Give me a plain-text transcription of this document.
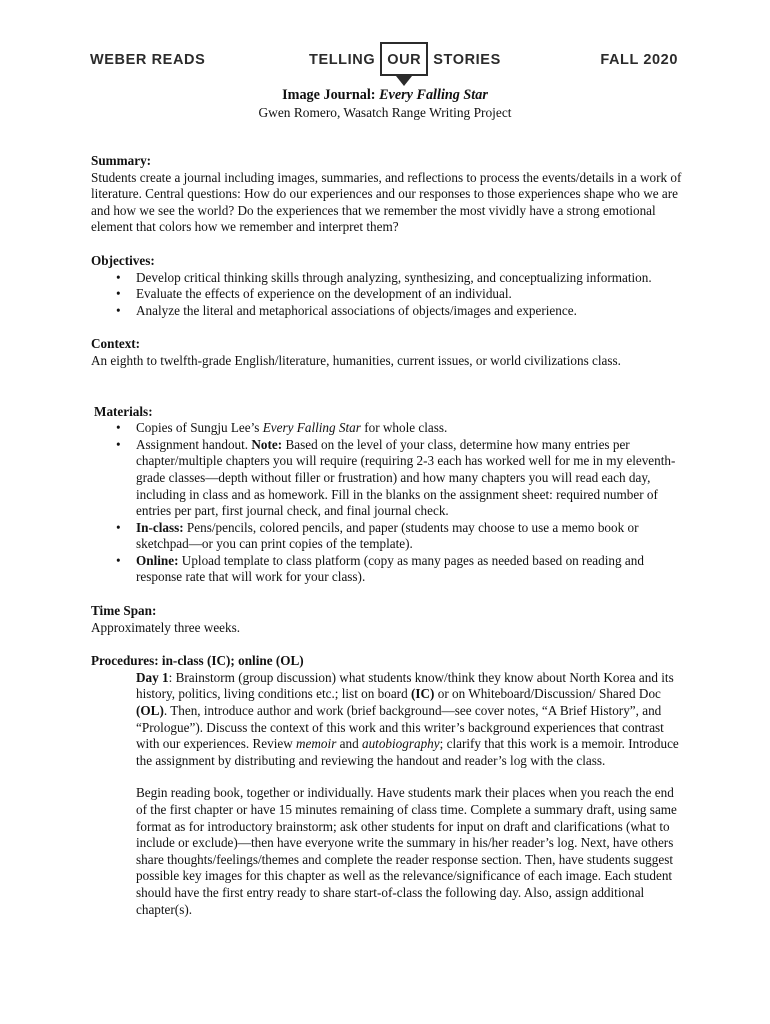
WEBER READS	TELLING OUR STORIES	FALL 2020
Image Journal: Every Falling Star
Gwen Romero, Wasatch Range Writing Project
Summary:
Students create a journal including images, summaries, and reflections to process the events/details in a work of literature. Central questions: How do our experiences and our responses to those experiences shape who we are and how we see the world? Do the experiences that we remember the most vividly have a strong emotional element that colors how we remember and interpret them?
Objectives:
• Develop critical thinking skills through analyzing, synthesizing, and conceptualizing information.
• Evaluate the effects of experience on the development of an individual.
• Analyze the literal and metaphorical associations of objects/images and experience.
Context:
An eighth to twelfth-grade English/literature, humanities, current issues, or world civilizations class.
Materials:
• Copies of Sungju Lee’s Every Falling Star for whole class.
• Assignment handout. Note: Based on the level of your class, determine how many entries per chapter/multiple chapters you will require (requiring 2-3 each has worked well for me in my eleventh-grade classes—depth without filler or frustration) and how many chapters you will read each day, including in class and as homework. Fill in the blanks on the assignment sheet: required number of entries per part, first journal check, and final journal check.
• In-class: Pens/pencils, colored pencils, and paper (students may choose to use a memo book or sketchpad—or you can print copies of the template).
• Online: Upload template to class platform (copy as many pages as needed based on reading and response rate that will work for your class).
Time Span:
Approximately three weeks.
Procedures: in-class (IC); online (OL)
Day 1: Brainstorm (group discussion) what students know/think they know about North Korea and its history, politics, living conditions etc.; list on board (IC) or on Whiteboard/Discussion/ Shared Doc (OL). Then, introduce author and work (brief background—see cover notes, “A Brief History”, and “Prologue”). Discuss the context of this work and this writer’s background experiences that contrast with our experiences. Review memoir and autobiography; clarify that this work is a memoir. Introduce the assignment by distributing and reviewing the handout and reader’s log with the class.
Begin reading book, together or individually. Have students mark their places when you reach the end of the first chapter or have 15 minutes remaining of class time. Complete a summary draft, using same format as for introductory brainstorm; ask other students for input on draft and clarifications (what to include or exclude)—then have everyone write the summary in his/her reader’s log. Next, have others share thoughts/feelings/themes and complete the reader response section. Then, have students suggest possible key images for this chapter as well as the relevance/significance of each image. Each student should have the first entry ready to share start-of-class the following day. Also, assign additional chapter(s).
